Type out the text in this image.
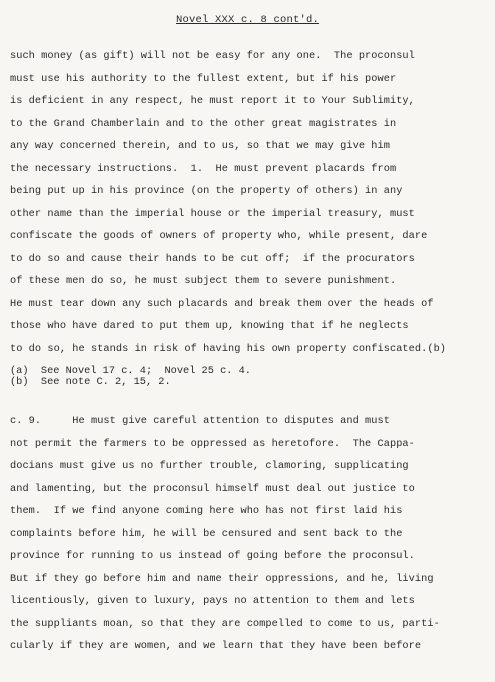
Novel XXX c. 8 cont'd.
such money (as gift) will not be easy for any one.  The proconsul
must use his authority to the fullest extent, but if his power
is deficient in any respect, he must report it to Your Sublimity,
to the Grand Chamberlain and to the other great magistrates in
any way concerned therein, and to us, so that we may give him
the necessary instructions.  1.  He must prevent placards from
being put up in his province (on the property of others) in any
other name than the imperial house or the imperial treasury, must
confiscate the goods of owners of property who, while present, dare
to do so and cause their hands to be cut off;  if the procurators
of these men do so, he must subject them to severe punishment.
He must tear down any such placards and break them over the heads of
those who have dared to put them up, knowing that if he neglects
to do so, he stands in risk of having his own property confiscated.(b)
(a)  See Novel 17 c. 4;  Novel 25 c. 4.
(b)  See note C. 2, 15, 2.
c. 9.     He must give careful attention to disputes and must
not permit the farmers to be oppressed as heretofore.  The Cappa-
docians must give us no further trouble, clamoring, supplicating
and lamenting, but the proconsul himself must deal out justice to
them.  If we find anyone coming here who has not first laid his
complaints before him, he will be censured and sent back to the
province for running to us instead of going before the proconsul.
But if they go before him and name their oppressions, and he, living
licentiously, given to luxury, pays no attention to them and lets
the suppliants moan, so that they are compelled to come to us, parti-
cularly if they are women, and we learn that they have been before
